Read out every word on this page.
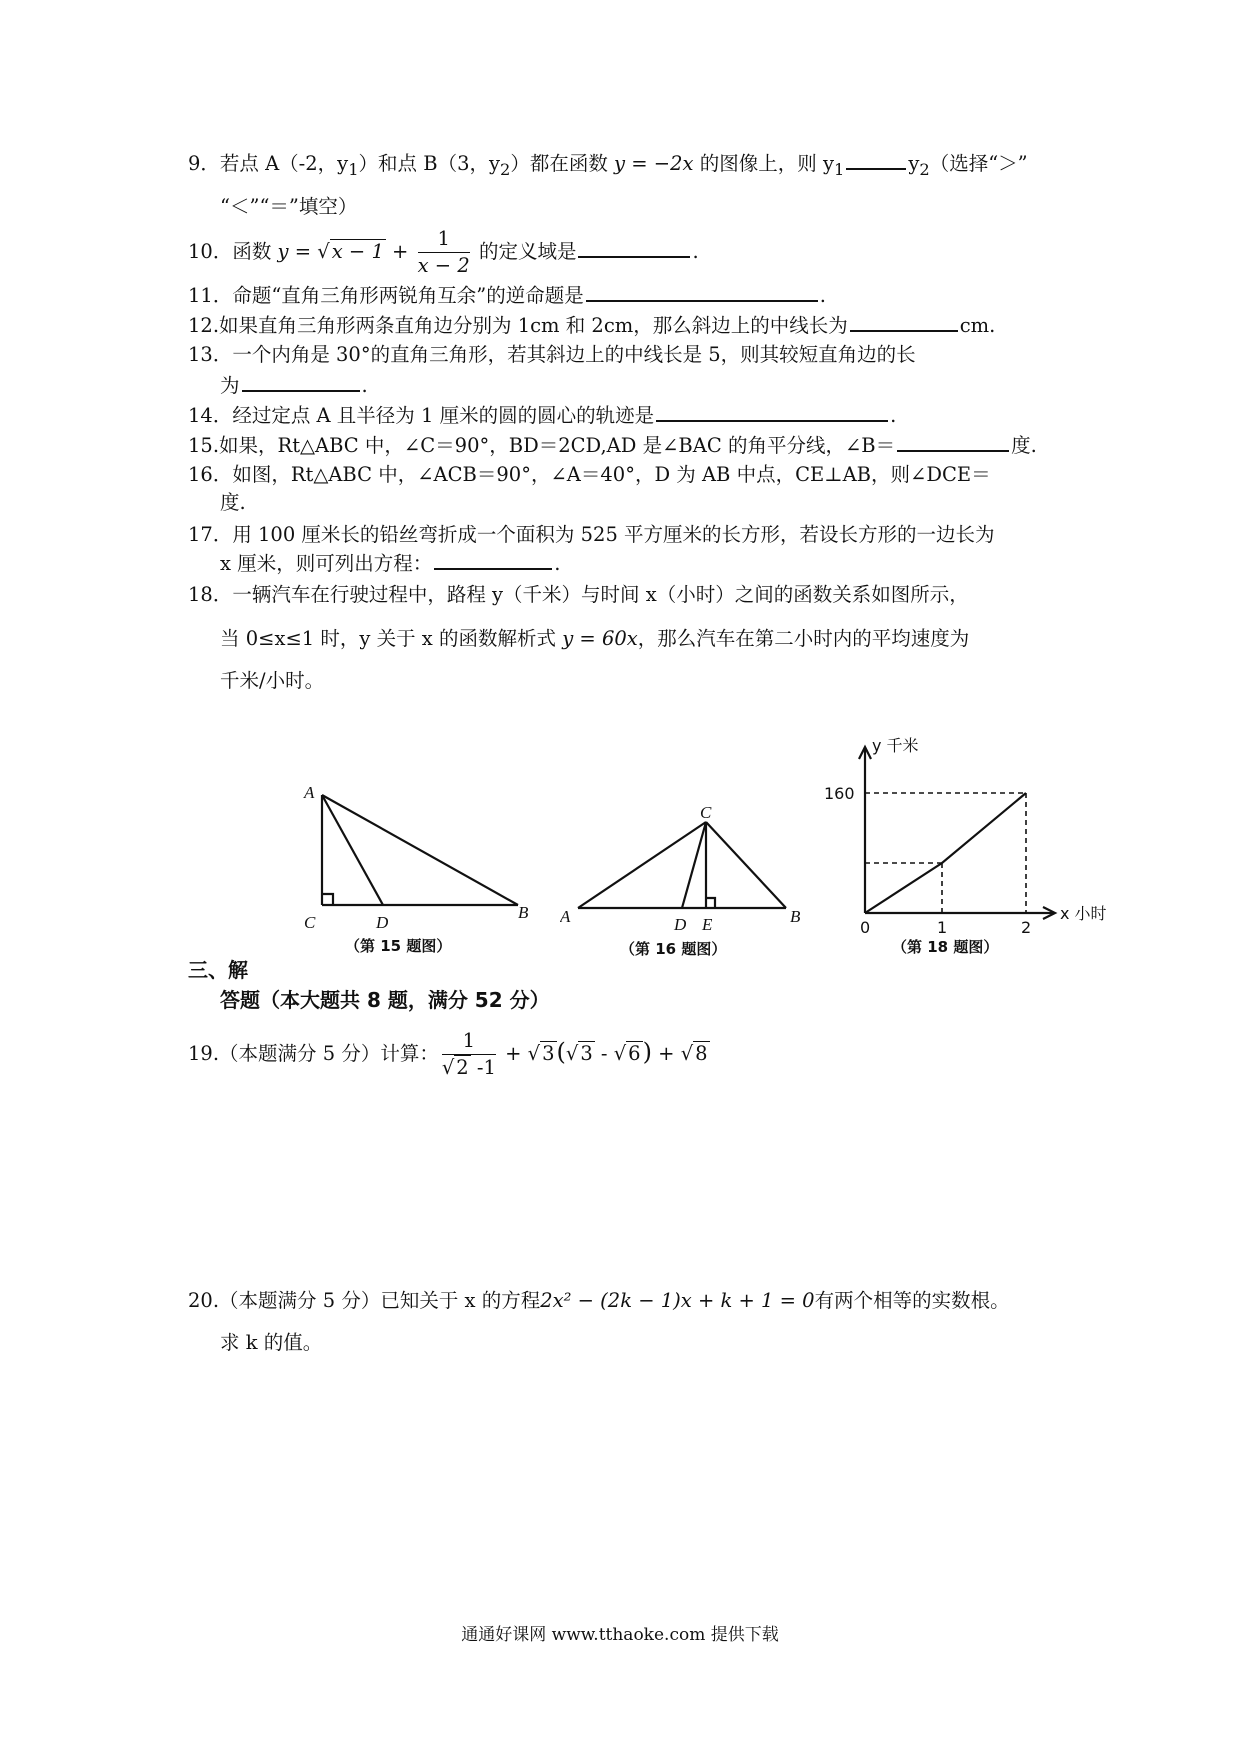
9．若点 A（-2，$y_1$）和点 B（3，$y_2$）都在函数 y = −2x 的图像上，则 $y_1$	$y_2$（选择“＞”
“＜”“＝”填空）
10．函数 y = √ $x - 1 + \frac{1}{x - 2}$ 的定义域是	.
11．命题“直角三角形两锐角互余”的逆命题是	.
12.如果直角三角形两条直角边分别为 1cm 和 2cm，那么斜边上的中线长为	cm.
13．一个内角是 30°的直角三角形，若其斜边上的中线长是 5，则其较短直角边的长
为	.
14．经过定点 A 且半径为 1 厘米的圆的圆心的轨迹是	.
15.如果，Rt△ABC 中，∠C＝90°，BD＝2CD,AD 是∠BAC 的角平分线，∠B＝	度.
16．如图，Rt△ABC 中，∠ACB＝90°，∠A＝40°，D 为 AB 中点，CE⊥AB，则∠DCE＝
度.
17．用 100 厘米长的铅丝弯折成一个面积为 525 平方厘米的长方形，若设长方形的一边长为
x 厘米，则可列出方程：	.
18．一辆汽车在行驶过程中，路程 y（千米）与时间 x（小时）之间的函数关系如图所示，
当 0≤x≤1 时，y 关于 x 的函数解析式 y = 60x，那么汽车在第二小时内的平均速度为
千米/小时。
A
C	D
B
（第 15 题图）
C
A	D E	B
（第 16 题图）
y 千米
x 小时
160
0	1	2
（第 18 题图）
三、解
答题（本大题共 8 题，满分 52 分）
19.（本题满分 5 分）计算： $\frac{1}{√ 2 -1}$ + √ 3(√ 3 - √ 6) + √ 8
20.（本题满分 5 分）已知关于 x 的方程2x² − (2k − 1)x + k + 1 = 0有两个相等的实数根。
求 k 的值。
通通好课网 www.tthaoke.com 提供下载
